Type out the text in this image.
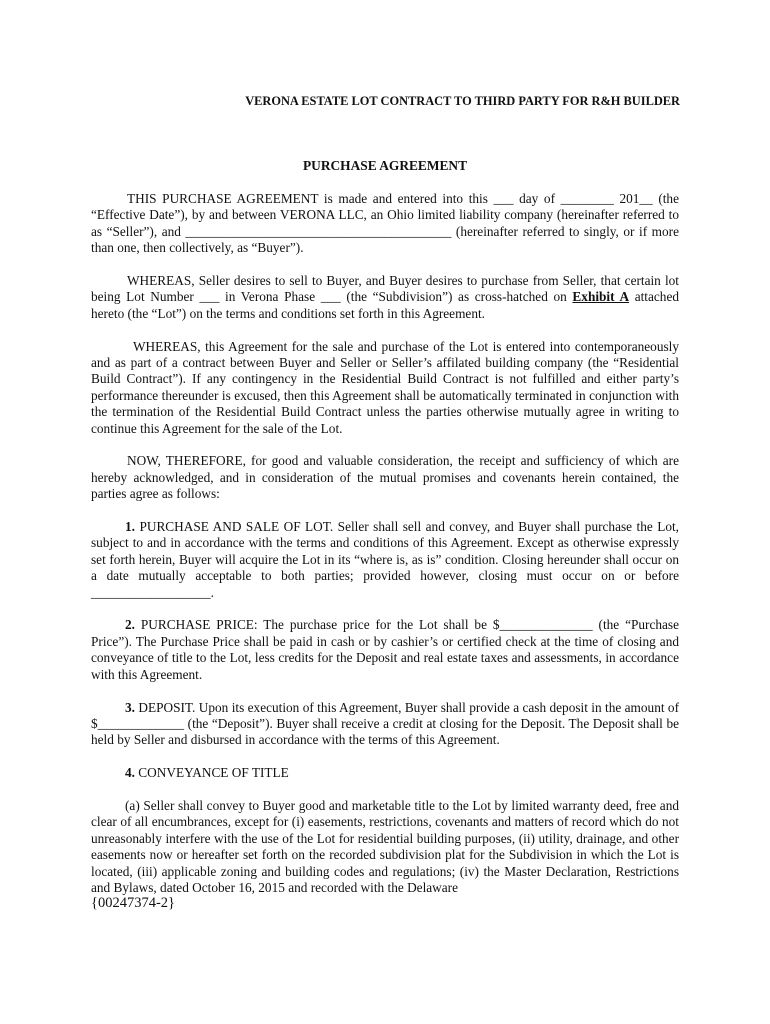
VERONA ESTATE LOT CONTRACT TO THIRD PARTY FOR R&H BUILDER
PURCHASE AGREEMENT

THIS PURCHASE AGREEMENT is made and entered into this ___ day of ________ 201__ (the “Effective Date”), by and between VERONA LLC, an Ohio limited liability company (hereinafter referred to as “Seller”), and ________________________________________ (hereinafter referred to singly, or if more than one, then collectively, as “Buyer”).

WHEREAS, Seller desires to sell to Buyer, and Buyer desires to purchase from Seller, that certain lot being Lot Number ___ in Verona Phase ___ (the “Subdivision”) as cross-hatched on Exhibit A attached hereto (the “Lot”) on the terms and conditions set forth in this Agreement.

WHEREAS, this Agreement for the sale and purchase of the Lot is entered into contemporaneously and as part of a contract between Buyer and Seller or Seller’s affilated building company (the “Residential Build Contract”). If any contingency in the Residential Build Contract is not fulfilled and either party’s performance thereunder is excused, then this Agreement shall be automatically terminated in conjunction with the termination of the Residential Build Contract unless the parties otherwise mutually agree in writing to continue this Agreement for the sale of the Lot.

NOW, THEREFORE, for good and valuable consideration, the receipt and sufficiency of which are hereby acknowledged, and in consideration of the mutual promises and covenants herein contained, the parties agree as follows:

1. PURCHASE AND SALE OF LOT. Seller shall sell and convey, and Buyer shall purchase the Lot, subject to and in accordance with the terms and conditions of this Agreement. Except as otherwise expressly set forth herein, Buyer will acquire the Lot in its “where is, as is” condition. Closing hereunder shall occur on a date mutually acceptable to both parties; provided however, closing must occur on or before __________________.

2. PURCHASE PRICE: The purchase price for the Lot shall be $______________ (the “Purchase Price”). The Purchase Price shall be paid in cash or by cashier’s or certified check at the time of closing and conveyance of title to the Lot, less credits for the Deposit and real estate taxes and assessments, in accordance with this Agreement.

3. DEPOSIT. Upon its execution of this Agreement, Buyer shall provide a cash deposit in the amount of $_____________ (the “Deposit”). Buyer shall receive a credit at closing for the Deposit. The Deposit shall be held by Seller and disbursed in accordance with the terms of this Agreement.

4. CONVEYANCE OF TITLE

(a) Seller shall convey to Buyer good and marketable title to the Lot by limited warranty deed, free and clear of all encumbrances, except for (i) easements, restrictions, covenants and matters of record which do not unreasonably interfere with the use of the Lot for residential building purposes, (ii) utility, drainage, and other easements now or hereafter set forth on the recorded subdivision plat for the Subdivision in which the Lot is located, (iii) applicable zoning and building codes and regulations; (iv) the Master Declaration, Restrictions and Bylaws, dated October 16, 2015 and recorded with the Delaware

{00247374-2}
